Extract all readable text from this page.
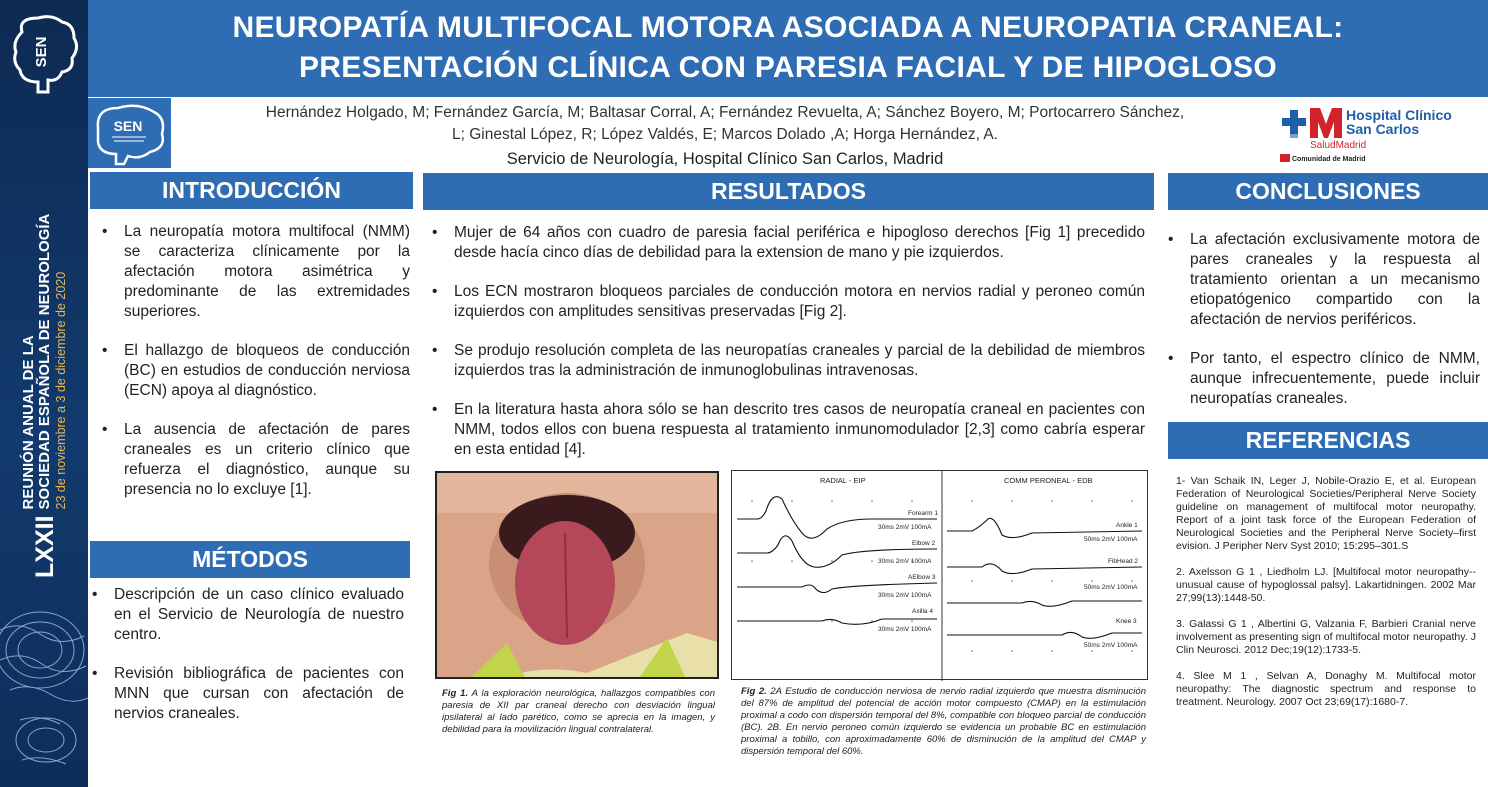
SEN
LXXII
REUNIÓN ANUAL DE LA SOCIEDAD ESPAÑOLA DE NEUROLOGÍA 23 de noviembre a 3 de diciembre de 2020
NEUROPATÍA MULTIFOCAL MOTORA ASOCIADA A NEUROPATIA CRANEAL:
PRESENTACIÓN CLÍNICA CON PARESIA FACIAL Y DE HIPOGLOSO
SEN
Hernández Holgado, M; Fernández García, M; Baltasar Corral, A; Fernández Revuelta, A; Sánchez Boyero, M; Portocarrero Sánchez,
L; Ginestal López, R; López Valdés, E; Marcos Dolado ,A; Horga Hernández, A.
Servicio de Neurología, Hospital Clínico San Carlos, Madrid
Hospital Clínico
San Carlos
SaludMadrid
Comunidad de Madrid
INTRODUCCIÓN
• La neuropatía motora multifocal (NMM) se caracteriza clínicamente por la afectación motora asimétrica y predominante de las extremidades superiores.
• El hallazgo de bloqueos de conducción (BC) en estudios de conducción nerviosa (ECN) apoya al diagnóstico.
• La ausencia de afectación de pares craneales es un criterio clínico que refuerza el diagnóstico, aunque su presencia no lo excluye [1].
MÉTODOS
• Descripción de un caso clínico evaluado en el Servicio de Neurología de nuestro centro.
• Revisión bibliográfica de pacientes con MNN que cursan con afectación de nervios craneales.
RESULTADOS
• Mujer de 64 años con cuadro de paresia facial periférica e hipogloso derechos [Fig 1] precedido desde hacía cinco días de debilidad para la extension de mano y pie izquierdos.
• Los ECN mostraron bloqueos parciales de conducción motora en nervios radial y peroneo común izquierdos con amplitudes sensitivas preservadas [Fig 2].
• Se produjo resolución completa de las neuropatías craneales y parcial de la debilidad de miembros izquierdos tras la administración de inmunoglobulinas intravenosas.
• En la literatura hasta ahora sólo se han descrito tres casos de neuropatía craneal en pacientes con NMM, todos ellos con buena respuesta al tratamiento inmunomodulador [2,3] como cabría esperar en esta entidad [4].
Fig 1. A la exploración neurológica, hallazgos compatibles con paresia de XII par craneal derecho con desviación lingual ipsilateral al lado parético, como se aprecia en la imagen, y debilidad para la movilización lingual contralateral.
RADIAL - EIP	COMM PERONEAL - EDB
Forearm 1
Elbow 2
AElbow 3
Axilla 4
30ms 2mV 100mA
30ms 2mV 100mA
30ms 2mV 100mA
30ms 2mV 100mA
Ankle 1
FibHead 2
Knee 3
50ms 2mV 100mA
50ms 2mV 100mA
50ms 2mV 100mA
Fig 2. 2A Estudio de conducción nerviosa de nervio radial izquierdo que muestra disminución del 87% de amplitud del potencial de acción motor compuesto (CMAP) en la estimulación proximal a codo con dispersión temporal del 8%, compatible con bloqueo parcial de conducción (BC). 2B. En nervio peroneo común izquierdo se evidencia un probable BC en estimulación proximal a tobillo, con aproximadamente 60% de disminución de la amplitud del CMAP y dispersión temporal del 60%.
CONCLUSIONES
• La afectación exclusivamente motora de pares craneales y la respuesta al tratamiento orientan a un mecanismo etiopatógenico compartido con la afectación de nervios periféricos.
• Por tanto, el espectro clínico de NMM, aunque infrecuentemente, puede incluir neuropatías craneales.
REFERENCIAS

1- Van Schaik IN, Leger J, Nobile-Orazio E, et al. European Federation of Neurological Societies/Peripheral Nerve Society guideline on management of multifocal motor neuropathy. Report of a joint task force of the European Federation of Neurological Societies and the Peripheral Nerve Society–first evision. J Peripher Nerv Syst 2010; 15:295–301.S

2. Axelsson G 1 , Liedholm LJ. [Multifocal motor neuropathy--unusual cause of hypoglossal palsy]. Lakartidningen. 2002 Mar 27;99(13):1448-50.

3. Galassi G 1 , Albertini G, Valzania F, Barbieri Cranial nerve involvement as presenting sign of multifocal motor neuropathy. J Clin Neurosci. 2012 Dec;19(12):1733-5.

4. Slee M 1 , Selvan A, Donaghy M. Multifocal motor neuropathy: The diagnostic spectrum and response to treatment. Neurology. 2007 Oct 23;69(17):1680-7.
